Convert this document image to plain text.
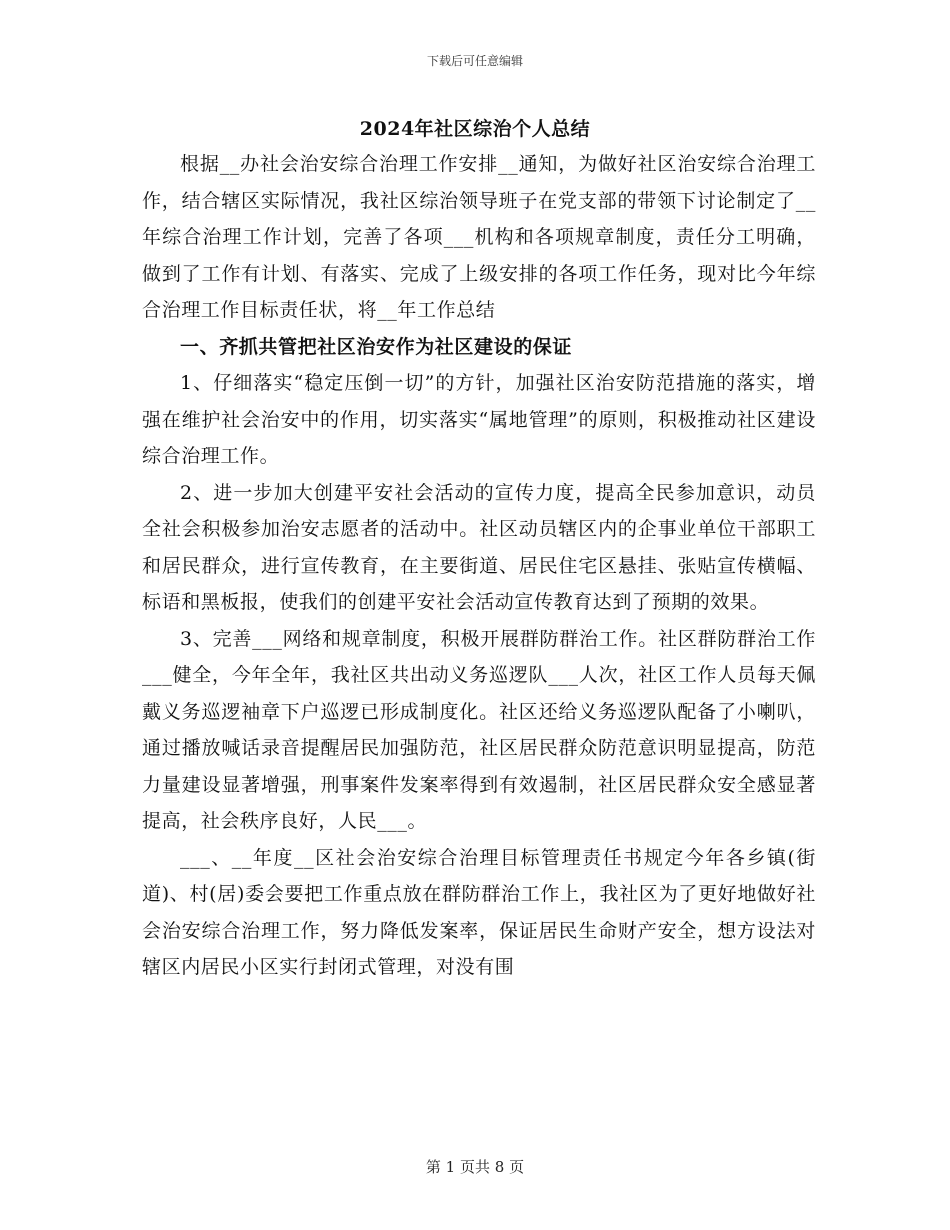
下载后可任意编辑
2024年社区综治个人总结

根据__办社会治安综合治理工作安排__通知，为做好社区治安综合治理工作，结合辖区实际情况，我社区综治领导班子在党支部的带领下讨论制定了__年综合治理工作计划，完善了各项___机构和各项规章制度，责任分工明确，做到了工作有计划、有落实、完成了上级安排的各项工作任务，现对比今年综合治理工作目标责任状，将__年工作总结

一、齐抓共管把社区治安作为社区建设的保证

1、仔细落实“稳定压倒一切”的方针，加强社区治安防范措施的落实，增强在维护社会治安中的作用，切实落实“属地管理”的原则，积极推动社区建设综合治理工作。

2、进一步加大创建平安社会活动的宣传力度，提高全民参加意识，动员全社会积极参加治安志愿者的活动中。社区动员辖区内的企事业单位干部职工和居民群众，进行宣传教育，在主要街道、居民住宅区悬挂、张贴宣传横幅、标语和黑板报，使我们的创建平安社会活动宣传教育达到了预期的效果。

3、完善___网络和规章制度，积极开展群防群治工作。社区群防群治工作___健全，今年全年，我社区共出动义务巡逻队___人次，社区工作人员每天佩戴义务巡逻袖章下户巡逻已形成制度化。社区还给义务巡逻队配备了小喇叭，通过播放喊话录音提醒居民加强防范，社区居民群众防范意识明显提高，防范力量建设显著增强，刑事案件发案率得到有效遏制，社区居民群众安全感显著提高，社会秩序良好，人民___。

___、__年度__区社会治安综合治理目标管理责任书规定今年各乡镇(街道)、村(居)委会要把工作重点放在群防群治工作上，我社区为了更好地做好社会治安综合治理工作，努力降低发案率，保证居民生命财产安全，想方设法对辖区内居民小区实行封闭式管理，对没有围

第 1 页共 8 页
